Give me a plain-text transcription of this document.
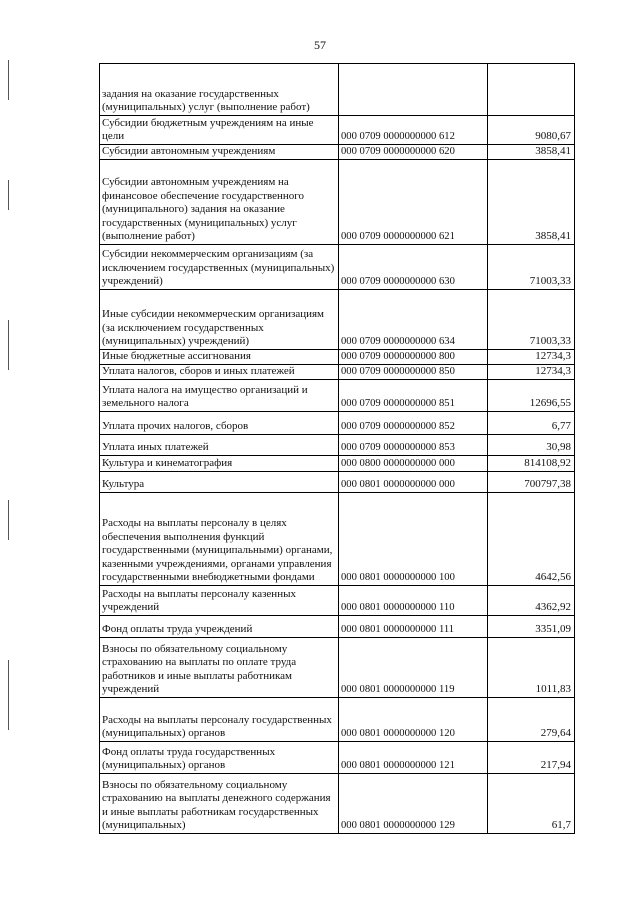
57
задания на оказание государственных (муниципальных) услуг (выполнение работ)		
Субсидии бюджетным учреждениям на иные цели	000 0709 0000000000 612	9080,67
Субсидии автономным учреждениям	000 0709 0000000000 620	3858,41
Субсидии автономным учреждениям на финансовое обеспечение государственного (муниципального) задания на оказание государственных (муниципальных) услуг (выполнение работ)	000 0709 0000000000 621	3858,41
Субсидии некоммерческим организациям (за исключением государственных (муниципальных) учреждений)	000 0709 0000000000 630	71003,33
Иные субсидии некоммерческим организациям (за исключением государственных (муниципальных) учреждений)	000 0709 0000000000 634	71003,33
Иные бюджетные ассигнования	000 0709 0000000000 800	12734,3
Уплата налогов, сборов и иных платежей	000 0709 0000000000 850	12734,3
Уплата налога на имущество организаций и земельного налога	000 0709 0000000000 851	12696,55
Уплата прочих налогов, сборов	000 0709 0000000000 852	6,77
Уплата иных платежей	000 0709 0000000000 853	30,98
Культура и кинематография	000 0800 0000000000 000	814108,92
Культура	000 0801 0000000000 000	700797,38
Расходы на выплаты персоналу в целях обеспечения выполнения функций государственными (муниципальными) органами, казенными учреждениями, органами управления государственными внебюджетными фондами	000 0801 0000000000 100	4642,56
Расходы на выплаты персоналу казенных учреждений	000 0801 0000000000 110	4362,92
Фонд оплаты труда учреждений	000 0801 0000000000 111	3351,09
Взносы по обязательному социальному страхованию на выплаты по оплате труда работников и иные выплаты работникам учреждений	000 0801 0000000000 119	1011,83
Расходы на выплаты персоналу государственных (муниципальных) органов	000 0801 0000000000 120	279,64
Фонд оплаты труда государственных (муниципальных) органов	000 0801 0000000000 121	217,94
Взносы по обязательному социальному страхованию на выплаты денежного содержания и иные выплаты работникам государственных (муниципальных)	000 0801 0000000000 129	61,7
